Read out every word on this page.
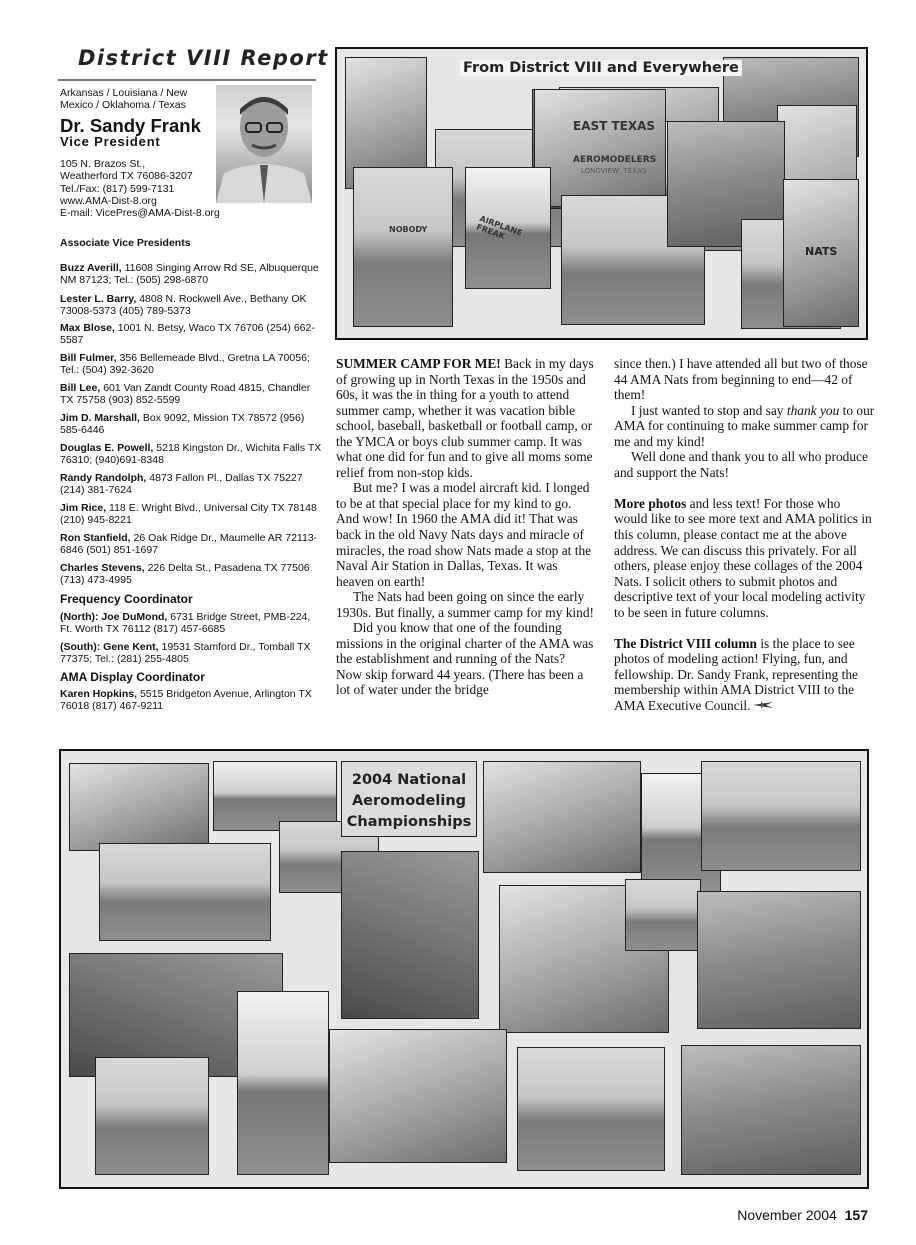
District VIII Report
Arkansas / Louisiana / New Mexico / Oklahoma / Texas
Dr. Sandy Frank
Vice President
105 N. Brazos St.,
Weatherford TX 76086-3207
Tel./Fax: (817) 599-7131
www.AMA-Dist-8.org
E-mail: VicePres@AMA-Dist-8.org
Associate Vice Presidents
Buzz Averill, 11608 Singing Arrow Rd SE, Albuquerque NM 87123; Tel.: (505) 298-6870
Lester L. Barry, 4808 N. Rockwell Ave., Bethany OK 73008-5373 (405) 789-5373
Max Blose, 1001 N. Betsy, Waco TX 76706 (254) 662-5587
Bill Fulmer, 356 Bellemeade Blvd., Gretna LA 70056; Tel.: (504) 392-3620
Bill Lee, 601 Van Zandt County Road 4815, Chandler TX 75758 (903) 852-5599
Jim D. Marshall, Box 9092, Mission TX 78572 (956) 585-6446
Douglas E. Powell, 5218 Kingston Dr., Wichita Falls TX 76310; (940)691-8348
Randy Randolph, 4873 Fallon Pl., Dallas TX 75227 (214) 381-7624
Jim Rice, 118 E. Wright Blvd., Universal City TX 78148 (210) 945-8221
Ron Stanfield, 26 Oak Ridge Dr., Maumelle AR 72113-6846 (501) 851-1697
Charles Stevens, 226 Delta St., Pasadena TX 77506 (713) 473-4995
Frequency Coordinator
(North): Joe DuMond, 6731 Bridge Street, PMB-224, Ft. Worth TX 76112 (817) 457-6685
(South): Gene Kent, 19531 Stamford Dr., Tomball TX 77375; Tel.: (281) 255-4805
AMA Display Coordinator
Karen Hopkins, 5515 Bridgeton Avenue, Arlington TX 76018 (817) 467-9211
EAST TEXAS
AEROMODELERS
LONGVIEW, TEXAS
NOBODY	AIRPLANE FREAK
NATS
From District VIII and Everywhere

SUMMER CAMP FOR ME! Back in my days of growing up in North Texas in the 1950s and 60s, it was the in thing for a youth to attend summer camp, whether it was vacation bible school, baseball, basketball or football camp, or the YMCA or boys club summer camp. It was what one did for fun and to give all moms some relief from non-stop kids.

But me? I was a model aircraft kid. I longed to be at that special place for my kind to go. And wow! In 1960 the AMA did it! That was back in the old Navy Nats days and miracle of miracles, the road show Nats made a stop at the Naval Air Station in Dallas, Texas. It was heaven on earth!

The Nats had been going on since the early 1930s. But finally, a summer camp for my kind!

Did you know that one of the founding missions in the original charter of the AMA was the establishment and running of the Nats? Now skip forward 44 years. (There has been a lot of water under the bridge

since then.) I have attended all but two of those 44 AMA Nats from beginning to end—42 of them!

I just wanted to stop and say thank you to our AMA for continuing to make summer camp for me and my kind!

Well done and thank you to all who produce and support the Nats!

More photos and less text! For those who would like to see more text and AMA politics in this column, please contact me at the above address. We can discuss this privately. For all others, please enjoy these collages of the 2004 Nats. I solicit others to submit photos and descriptive text of your local modeling activity to be seen in future columns.

The District VIII column is the place to see photos of modeling action! Flying, fun, and fellowship. Dr. Sandy Frank, representing the membership within AMA District VIII to the AMA Executive Council.

2004 National
Aeromodeling
Championships
November 2004 157
